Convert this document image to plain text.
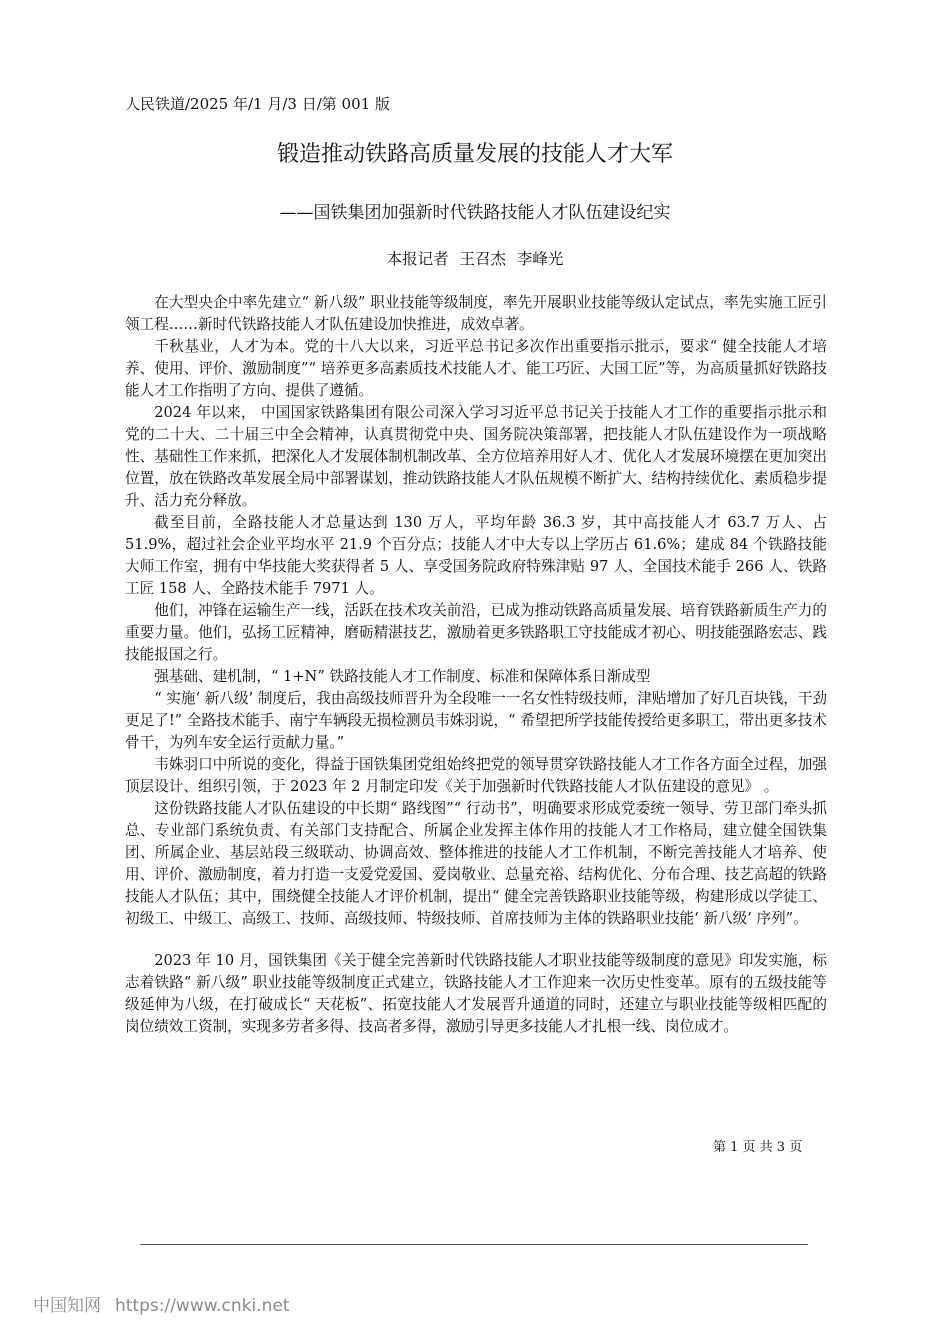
人民铁道/2025 年/1 月/3 日/第 001 版
锻造推动铁路高质量发展的技能人才大军
——国铁集团加强新时代铁路技能人才队伍建设纪实
本报记者 王召杰 李峰光

在大型央企中率先建立“ 新八级” 职业技能等级制度，率先开展职业技能等级认定试点，率先实施工匠引领工程……新时代铁路技能人才队伍建设加快推进，成效卓著。

千秋基业，人才为本。党的十八大以来，习近平总书记多次作出重要指示批示，要求“ 健全技能人才培养、使用、评价、激励制度”“ 培养更多高素质技术技能人才、能工巧匠、大国工匠”等，为高质量抓好铁路技能人才工作指明了方向、提供了遵循。

2024 年以来， 中国国家铁路集团有限公司深入学习习近平总书记关于技能人才工作的重要指示批示和党的二十大、二十届三中全会精神，认真贯彻党中央、国务院决策部署，把技能人才队伍建设作为一项战略性、基础性工作来抓，把深化人才发展体制机制改革、全方位培养用好人才、优化人才发展环境摆在更加突出位置，放在铁路改革发展全局中部署谋划，推动铁路技能人才队伍规模不断扩大、结构持续优化、素质稳步提升、活力充分释放。

截至目前，全路技能人才总量达到 130 万人，平均年龄 36.3 岁，其中高技能人才 63.7 万人、占 51.9%，超过社会企业平均水平 21.9 个百分点；技能人才中大专以上学历占 61.6%；建成 84 个铁路技能大师工作室，拥有中华技能大奖获得者 5 人、享受国务院政府特殊津贴 97 人、全国技术能手 266 人、铁路工匠 158 人、全路技术能手 7971 人。

他们，冲锋在运输生产一线，活跃在技术攻关前沿，已成为推动铁路高质量发展、培育铁路新质生产力的重要力量。他们，弘扬工匠精神，磨砺精湛技艺，激励着更多铁路职工守技能成才初心、明技能强路宏志、践技能报国之行。

强基础、建机制，“ 1+N” 铁路技能人才工作制度、标准和保障体系日渐成型

“ 实施‘ 新八级’ 制度后，我由高级技师晋升为全段唯一一名女性特级技师，津贴增加了好几百块钱，干劲更足了!” 全路技术能手、南宁车辆段无损检测员韦姝羽说，“ 希望把所学技能传授给更多职工，带出更多技术骨干，为列车安全运行贡献力量。”

韦姝羽口中所说的变化，得益于国铁集团党组始终把党的领导贯穿铁路技能人才工作各方面全过程，加强顶层设计、组织引领，于 2023 年 2 月制定印发《关于加强新时代铁路技能人才队伍建设的意见》 。

这份铁路技能人才队伍建设的中长期“ 路线图”“ 行动书”，明确要求形成党委统一领导、劳卫部门牵头抓总、专业部门系统负责、有关部门支持配合、所属企业发挥主体作用的技能人才工作格局，建立健全国铁集团、所属企业、基层站段三级联动、协调高效、整体推进的技能人才工作机制，不断完善技能人才培养、使用、评价、激励制度，着力打造一支爱党爱国、爱岗敬业、总量充裕、结构优化、分布合理、技艺高超的铁路技能人才队伍；其中，围绕健全技能人才评价机制，提出“ 健全完善铁路职业技能等级，构建形成以学徒工、初级工、中级工、高级工、技师、高级技师、特级技师、首席技师为主体的铁路职业技能‘ 新八级’ 序列”。

2023 年 10 月，国铁集团《关于健全完善新时代铁路技能人才职业技能等级制度的意见》印发实施，标志着铁路“ 新八级” 职业技能等级制度正式建立，铁路技能人才工作迎来一次历史性变革。原有的五级技能等级延伸为八级，在打破成长“ 天花板”、拓宽技能人才发展晋升通道的同时，还建立与职业技能等级相匹配的岗位绩效工资制，实现多劳者多得、技高者多得，激励引导更多技能人才扎根一线、岗位成才。

第 1 页 共 3 页
中国知网 https://www.cnki.net
